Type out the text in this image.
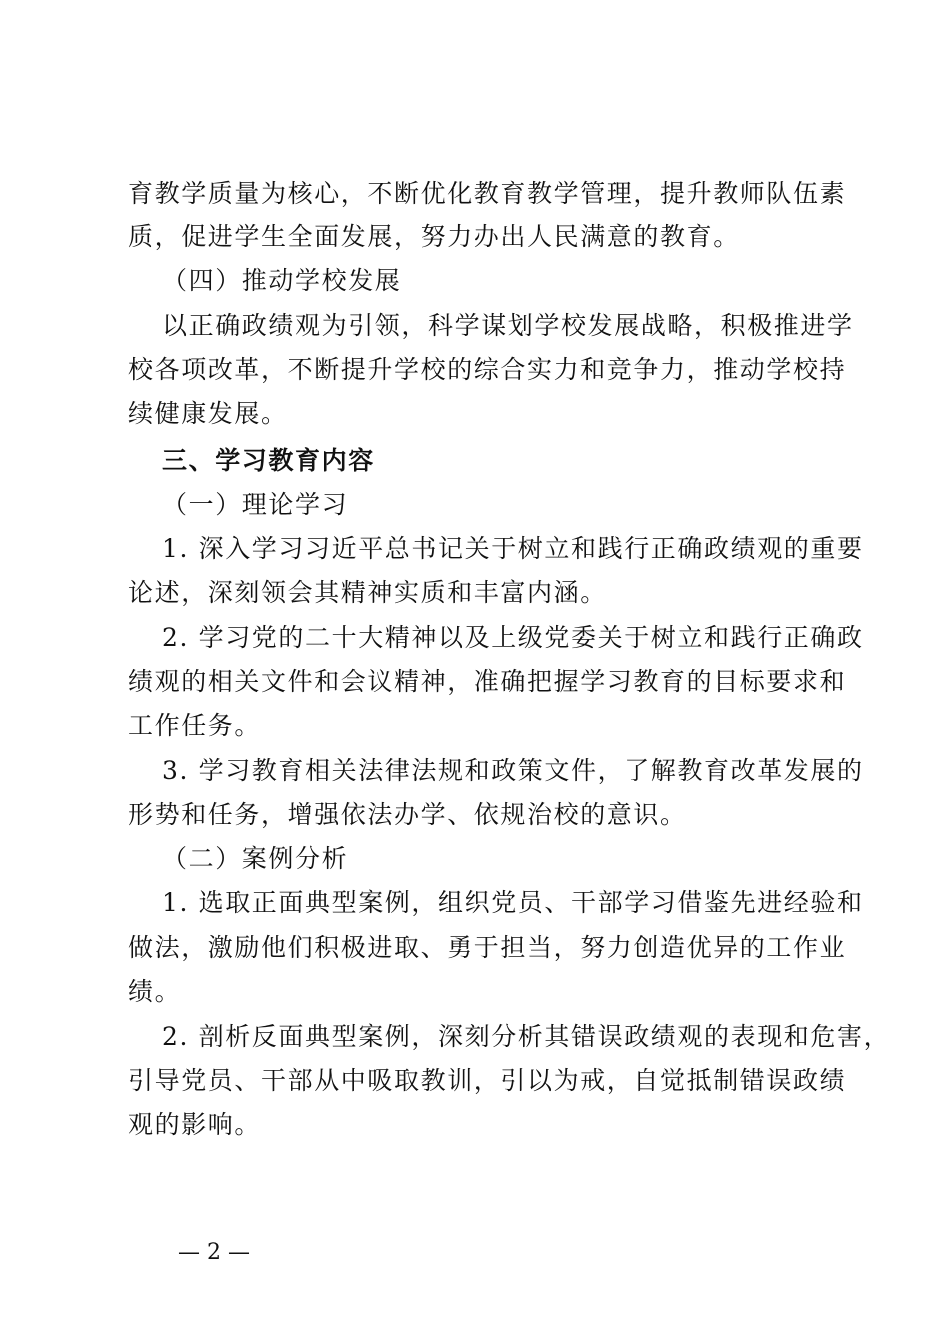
育教学质量为核心，不断优化教育教学管理，提升教师队伍素
质，促进学生全面发展，努力办出人民满意的教育。
（四）推动学校发展
以正确政绩观为引领，科学谋划学校发展战略，积极推进学
校各项改革，不断提升学校的综合实力和竞争力，推动学校持
续健康发展。
三、学习教育内容
（一）理论学习
1. 深入学习习近平总书记关于树立和践行正确政绩观的重要
论述，深刻领会其精神实质和丰富内涵。
2. 学习党的二十大精神以及上级党委关于树立和践行正确政
绩观的相关文件和会议精神，准确把握学习教育的目标要求和
工作任务。
3. 学习教育相关法律法规和政策文件，了解教育改革发展的
形势和任务，增强依法办学、依规治校的意识。
（二）案例分析
1. 选取正面典型案例，组织党员、干部学习借鉴先进经验和
做法，激励他们积极进取、勇于担当，努力创造优异的工作业
绩。
2. 剖析反面典型案例，深刻分析其错误政绩观的表现和危害，
引导党员、干部从中吸取教训，引以为戒，自觉抵制错误政绩
观的影响。
— 2 —
